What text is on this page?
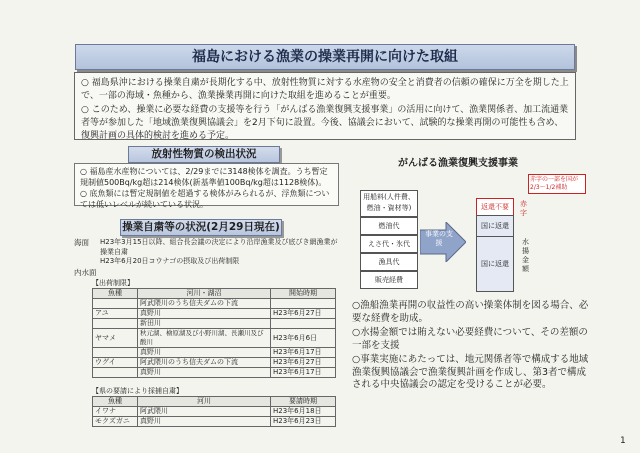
福島における漁業の操業再開に向けた取組

○ 福島県沖における操業自粛が長期化する中、放射性物質に対する水産物の安全と消費者の信頼の確保に万全を期した上で、一部の海域・魚種から、漁業操業再開に向けた取組を進めることが重要。

○ このため、操業に必要な経費の支援等を行う「がんばる漁業復興支援事業」の活用に向けて、漁業関係者、加工流通業者等が参加した「地域漁業復興協議会」を2月下旬に設置。今後、協議会において、試験的な操業再開の可能性も含め、復興計画の具体的検討を進める予定。

放射性物質の検出状況

○ 福島産水産物については、2/29までに3148検体を調査。うち暫定規制値500Bq/kg超は214検体(新基準値100Bq/kg超は1128検体)。

○ 底魚類には暫定規制値を超過する検体がみられるが、浮魚類については低いレベルが続いている状況。

操業自粛等の状況(2月29日現在)
海面	H23年3月15日以降、組合長会議の決定により沿岸漁業及び底びき網漁業が操業自粛
H23年6月20日コウナゴの摂取及び出荷制限
内水面
【出荷制限】
魚種	河川・湖沼	開始時期
	阿武隈川のうち信夫ダムの下流	
アユ	真野川	H23年6月27日
	新田川	
ヤマメ	秋元湖、檜原湖及び小野川湖、長瀬川及び酸川	H23年6月6日
	真野川	H23年6月17日
ウグイ	阿武隈川のうち信夫ダムの下流	H23年6月27日
	真野川	H23年6月17日
【県の要請により採捕自粛】
魚種	河川	要請時期
イワナ	阿武隈川	H23年6月18日
モクズガニ	真野川	H23年6月23日
がんばる漁業復興支援事業
用船料(人件費、燃油・資材等)
燃油代
えさ代・氷代
漁具代
販売経費
事業の支援
返還不要
国に返還
国に返還
赤字の一部を国が2/3～1/2補助
赤字
水揚金額
○漁船漁業再開の収益性の高い操業体制を図る場合、必要な経費を助成。
○水揚金額では賄えない必要経費について、その差額の一部を支援
○事業実施にあたっては、地元関係者等で構成する地域漁業復興協議会で漁業復興計画を作成し、第3者で構成される中央協議会の認定を受けることが必要。
1
